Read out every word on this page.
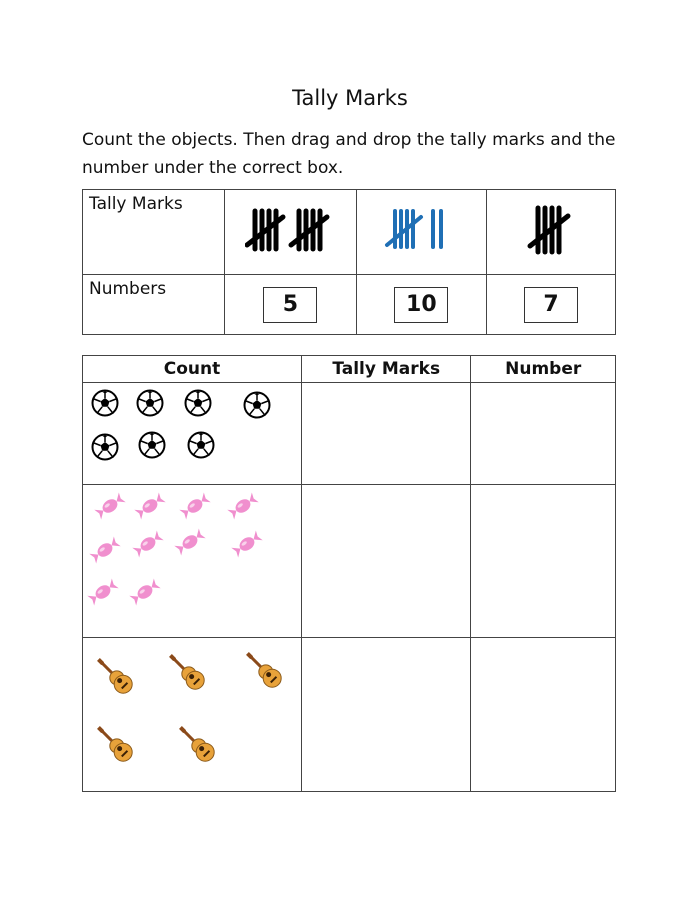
Tally Marks
Count the objects. Then drag and drop the tally marks and the number under the correct box.
Tally Marks			
Numbers	5	10	7
Count	Tally Marks	Number
